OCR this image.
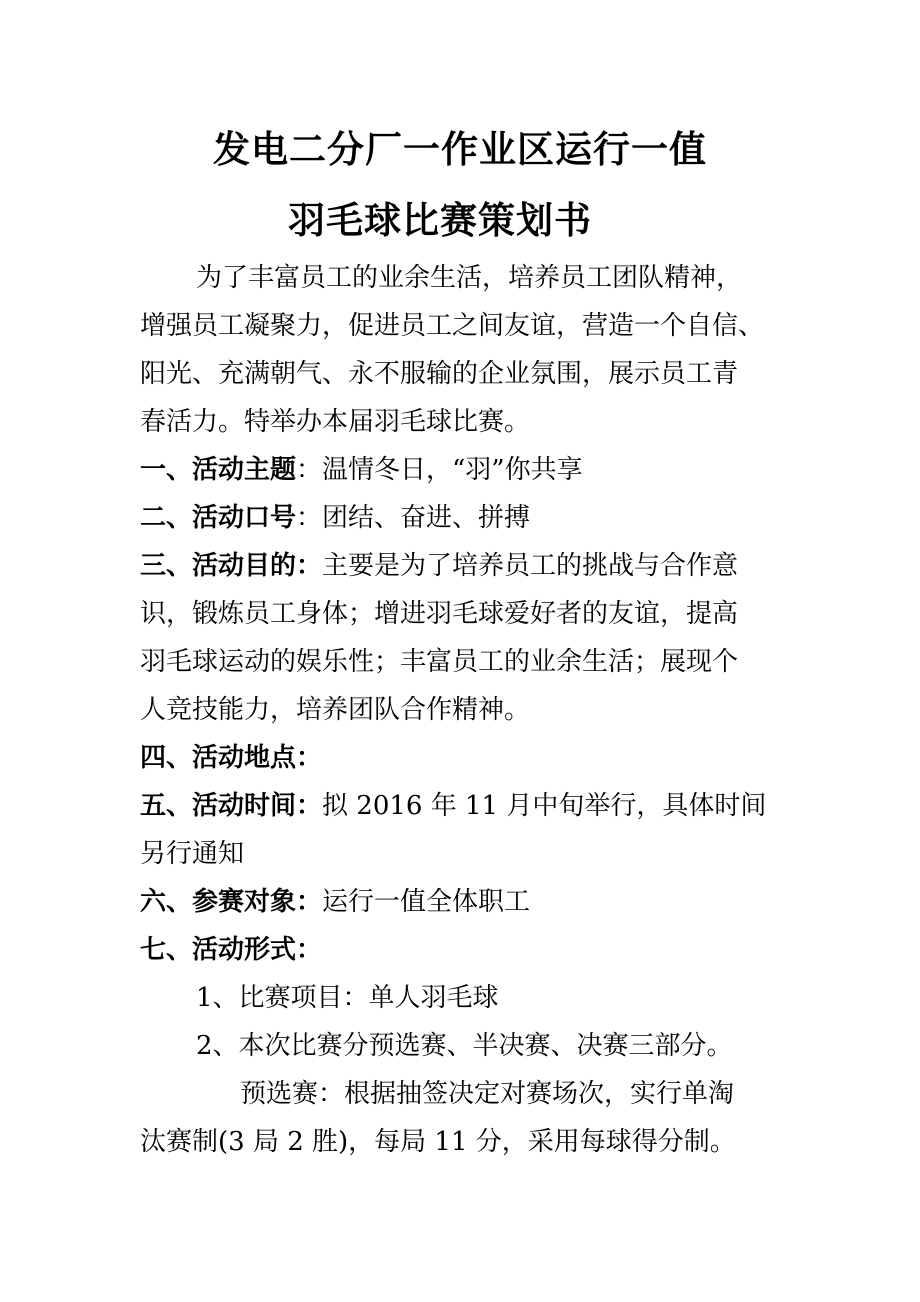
发电二分厂一作业区运行一值
羽毛球比赛策划书
为了丰富员工的业余生活，培养员工团队精神，
增强员工凝聚力，促进员工之间友谊，营造一个自信、
阳光、充满朝气、永不服输的企业氛围，展示员工青
春活力。特举办本届羽毛球比赛。
一、活动主题：温情冬日，“羽”你共享
二、活动口号：团结、奋进、拼搏
三、活动目的：主要是为了培养员工的挑战与合作意
识，锻炼员工身体；增进羽毛球爱好者的友谊，提高
羽毛球运动的娱乐性；丰富员工的业余生活；展现个
人竞技能力，培养团队合作精神。
四、活动地点：
五、活动时间：拟 2016 年 11 月中旬举行，具体时间
另行通知
六、参赛对象：运行一值全体职工
七、活动形式：
1、比赛项目：单人羽毛球
2、本次比赛分预选赛、半决赛、决赛三部分。
预选赛：根据抽签决定对赛场次，实行单淘
汰赛制(3 局 2 胜)，每局 11 分，采用每球得分制。
